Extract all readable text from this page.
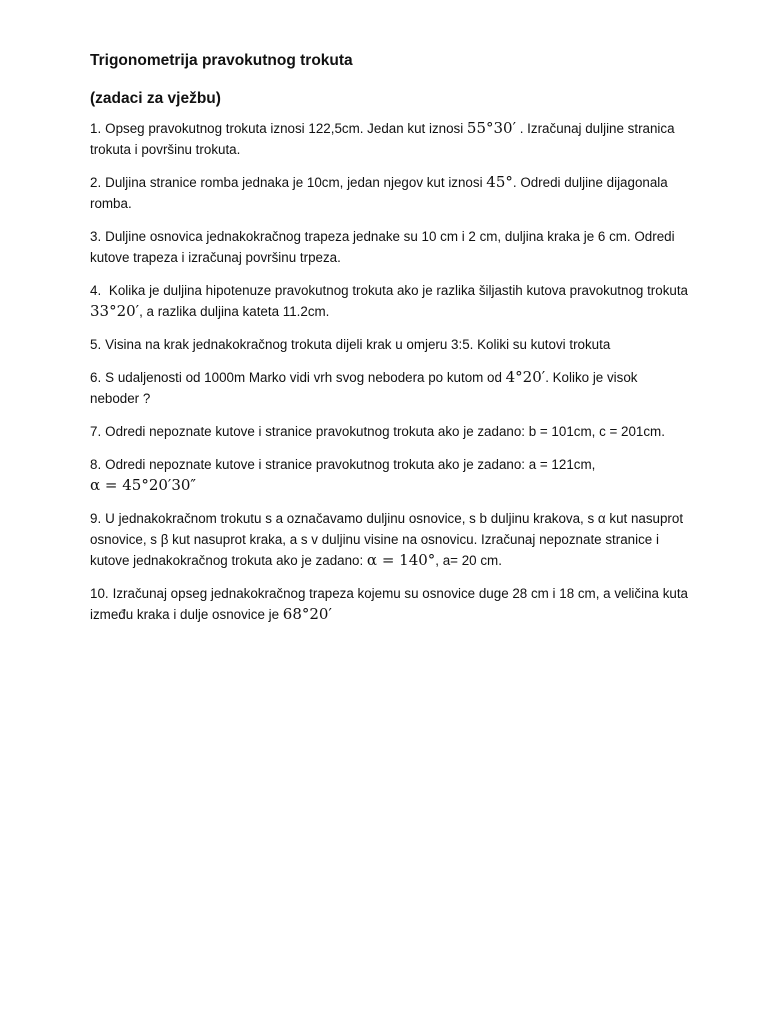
Trigonometrija pravokutnog trokuta
(zadaci za vježbu)
1. Opseg pravokutnog trokuta iznosi 122,5cm. Jedan kut iznosi 55°30′ . Izračunaj duljine stranica trokuta i površinu trokuta.
2. Duljina stranice romba jednaka je 10cm, jedan njegov kut iznosi 45°. Odredi duljine dijagonala romba.
3. Duljine osnovica jednakokračnog trapeza jednake su 10 cm i 2 cm, duljina kraka je 6 cm. Odredi kutove trapeza i izračunaj površinu trpeza.
4. Kolika je duljina hipotenuze pravokutnog trokuta ako je razlika šiljastih kutova pravokutnog trokuta 33°20′, a razlika duljina kateta 11.2cm.
5. Visina na krak jednakokračnog trokuta dijeli krak u omjeru 3:5. Koliki su kutovi trokuta
6. S udaljenosti od 1000m Marko vidi vrh svog nebodera po kutom od 4°20′. Koliko je visok neboder ?
7. Odredi nepoznate kutove i stranice pravokutnog trokuta ako je zadano: b = 101cm, c = 201cm.
8. Odredi nepoznate kutove i stranice pravokutnog trokuta ako je zadano: a = 121cm,
α = 45°20′30″
9. U jednakokračnom trokutu s a označavamo duljinu osnovice, s b duljinu krakova, s α kut nasuprot osnovice, s β kut nasuprot kraka, a s v duljinu visine na osnovicu. Izračunaj nepoznate stranice i kutove jednakokračnog trokuta ako je zadano: α = 140°, a= 20 cm.
10. Izračunaj opseg jednakokračnog trapeza kojemu su osnovice duge 28 cm i 18 cm, a veličina kuta između kraka i dulje osnovice je 68°20′
